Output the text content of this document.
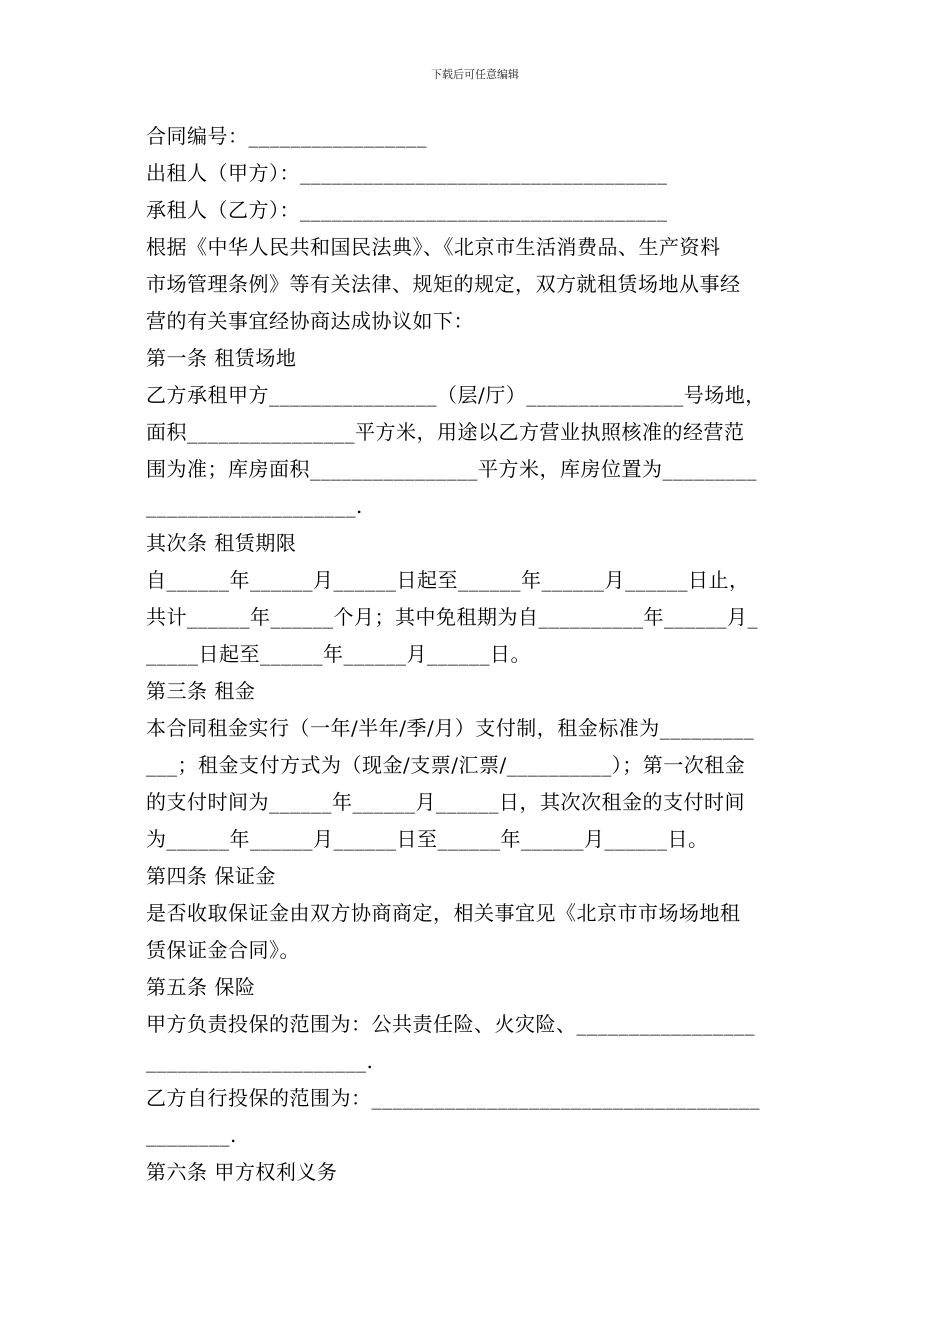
下载后可任意编辑
合同编号：_________________
出租人（甲方）：___________________________________
承租人（乙方）：___________________________________
根据《中华人民共和国民法典》、《北京市生活消费品、生产资料
市场管理条例》等有关法律、规矩的规定，双方就租赁场地从事经
营的有关事宜经协商达成协议如下：
第一条 租赁场地
乙方承租甲方________________（层/厅）_______________号场地，
面积________________平方米，用途以乙方营业执照核准的经营范
围为准；库房面积________________平方米，库房位置为_________
____________________.
其次条 租赁期限
自______年______月______日起至______年______月______日止，
共计______年______个月；其中免租期为自__________年______月_
_____日起至______年______月______日。
第三条 租金
本合同租金实行（一年/半年/季/月）支付制，租金标准为_________
___；租金支付方式为（现金/支票/汇票/__________）；第一次租金
的支付时间为______年______月______日，其次次租金的支付时间
为______年______月______日至______年______月______日。
第四条 保证金
是否收取保证金由双方协商商定，相关事宜见《北京市市场场地租
赁保证金合同》。
第五条 保险
甲方负责投保的范围为：公共责任险、火灾险、_________________
_____________________.
乙方自行投保的范围为：_____________________________________
________.
第六条 甲方权利义务
